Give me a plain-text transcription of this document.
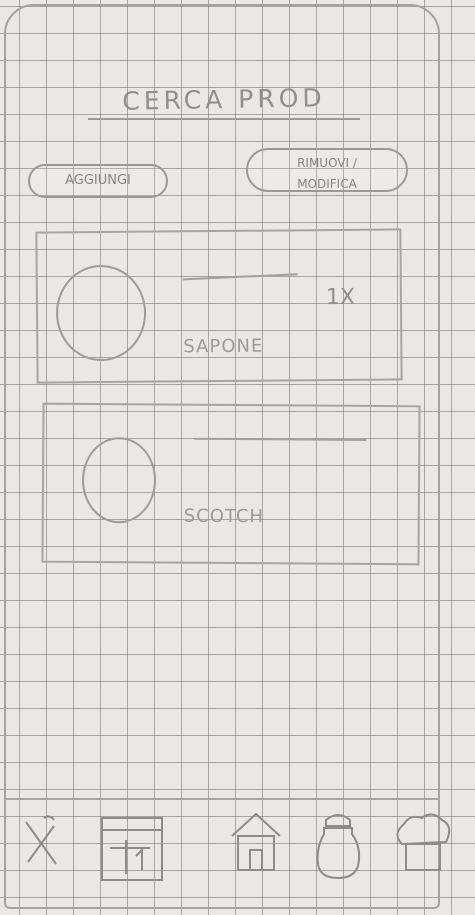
CERCA PROD
AGGIUNGI
RIMUOVI /
MODIFICA
1X
SAPONE
SCOTCH
